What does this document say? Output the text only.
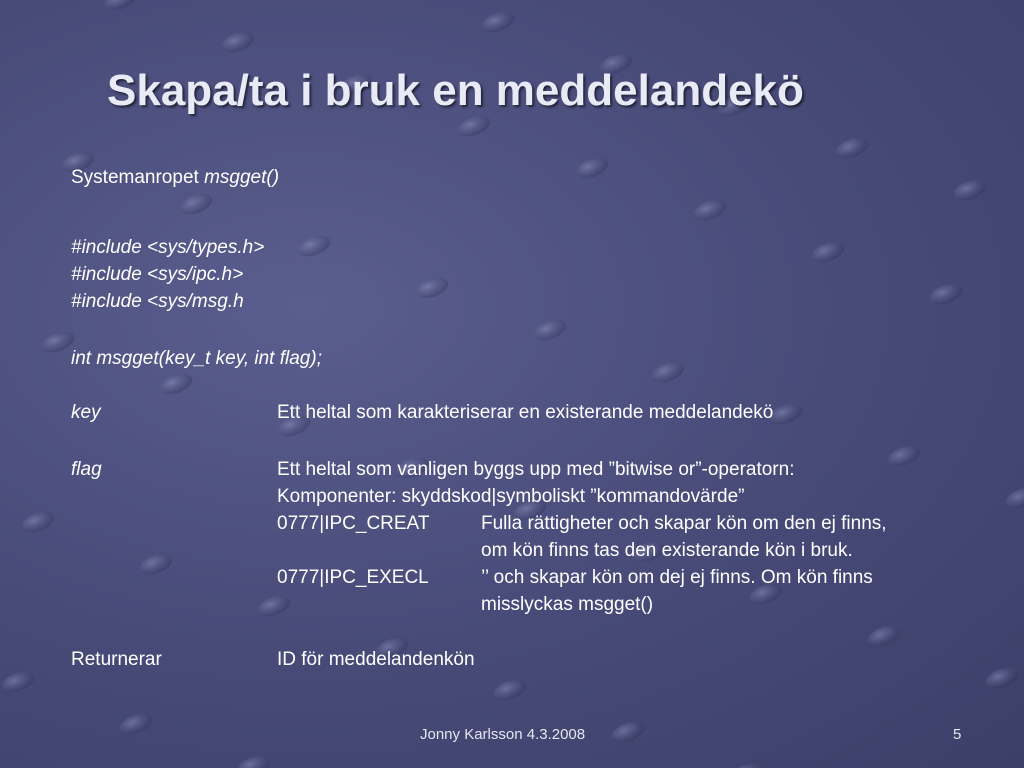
Skapa/ta i bruk en meddelandekö
Systemanropet msgget()
#include <sys/types.h>
#include <sys/ipc.h>
#include <sys/msg.h
int msgget(key_t key, int flag);
key	Ett heltal som karakteriserar en existerande meddelandekö
flag	Ett heltal som vanligen byggs upp med ”bitwise or”-operatorn:
Komponenter: skyddskod|symboliskt ”kommandovärde”
0777|IPC_CREAT	Fulla rättigheter och skapar kön om den ej finns,
om kön finns tas den existerande kön i bruk.
0777|IPC_EXECL	’’ och skapar kön om dej ej finns. Om kön finns
misslyckas msgget()
Returnerar	ID för meddelandenkön
Jonny Karlsson 4.3.2008	5
